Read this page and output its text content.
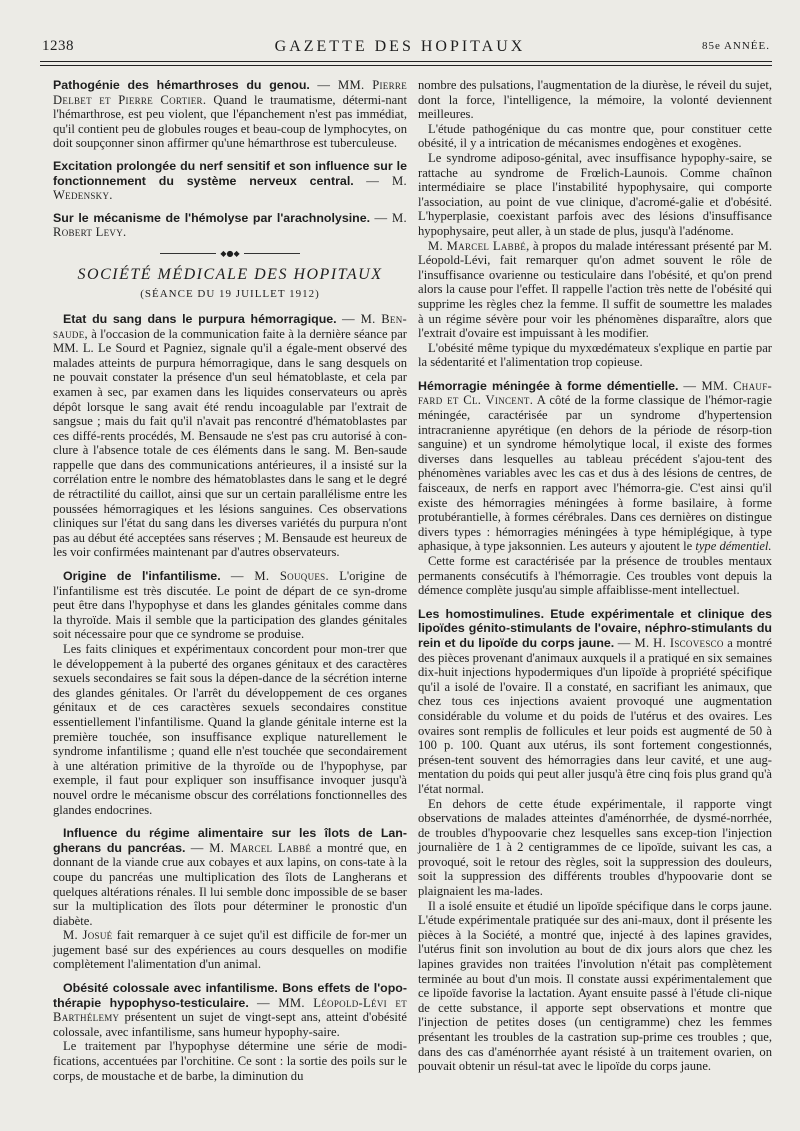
1238	GAZETTE DES HOPITAUX	85e ANNÉE.

Pathogénie des hémarthroses du genou. — MM. Pierre Delbet et Pierre Cortier. Quand le traumatisme, détermi-nant l'hémarthrose, est peu violent, que l'épanchement n'est pas immédiat, qu'il contient peu de globules rouges et beau-coup de lymphocytes, on doit soupçonner sinon affirmer qu'une hémarthrose est tuberculeuse.

Excitation prolongée du nerf sensitif et son influence sur le fonctionnement du système nerveux central. — M. Wedensky.

Sur le mécanisme de l'hémolyse par l'arachnolysine. — M. Robert Levy.

◆●◆
SOCIÉTÉ MÉDICALE DES HOPITAUX
(SÉANCE DU 19 JUILLET 1912)

Etat du sang dans le purpura hémorragique. — M. Ben-saude, à l'occasion de la communication faite à la dernière séance par MM. L. Le Sourd et Pagniez, signale qu'il a égale-ment observé des malades atteints de purpura hémorragique, dans le sang desquels on ne pouvait constater la présence d'un seul hématoblaste, et cela par examen à sec, par examen dans les liquides conservateurs ou après dépôt lorsque le sang avait été rendu incoagulable par l'extrait de sangsue ; mais du fait qu'il n'avait pas rencontré d'hématoblastes par ces diffé-rents procédés, M. Bensaude ne s'est pas cru autorisé à con-clure à l'absence totale de ces éléments dans le sang. M. Ben-saude rappelle que dans des communications antérieures, il a insisté sur la corrélation entre le nombre des hématoblastes dans le sang et le degré de rétractilité du caillot, ainsi que sur un certain parallélisme entre les poussées hémorragiques et les lésions sanguines. Ces observations cliniques sur l'état du sang dans les diverses variétés du purpura n'ont pas au début été acceptées sans réserves ; M. Bensaude est heureux de les voir confirmées maintenant par d'autres observateurs.

Origine de l'infantilisme. — M. Souques. L'origine de l'infantilisme est très discutée. Le point de départ de ce syn-drome peut être dans l'hypophyse et dans les glandes génitales comme dans la thyroïde. Mais il semble que la participation des glandes génitales soit nécessaire pour que ce syndrome se produise.

Les faits cliniques et expérimentaux concordent pour mon-trer que le développement à la puberté des organes génitaux et des caractères sexuels secondaires se fait sous la dépen-dance de la sécrétion interne des glandes génitales. Or l'arrêt du développement de ces organes génitaux et de ces caractères sexuels secondaires constitue essentiellement l'infantilisme. Quand la glande génitale interne est la première touchée, son insuffisance explique naturellement le syndrome infantilisme ; quand elle n'est touchée que secondairement à une altération primitive de la thyroïde ou de l'hypophyse, par exemple, il faut pour expliquer son insuffisance invoquer jusqu'à nouvel ordre le mécanisme obscur des corrélations fonctionnelles des glandes endocrines.

Influence du régime alimentaire sur les îlots de Lan-gherans du pancréas. — M. Marcel Labbé a montré que, en donnant de la viande crue aux cobayes et aux lapins, on cons-tate à la coupe du pancréas une multiplication des îlots de Langherans et quelques altérations rénales. Il lui semble donc impossible de se baser sur la multiplication des îlots pour déterminer le pronostic d'un diabète.

M. Josué fait remarquer à ce sujet qu'il est difficile de for-mer un jugement basé sur des expériences au cours desquelles on modifie complètement l'alimentation d'un animal.

Obésité colossale avec infantilisme. Bons effets de l'opo-thérapie hypophyso-testiculaire. — MM. Léopold-Lévi et Barthélemy présentent un sujet de vingt-sept ans, atteint d'obésité colossale, avec infantilisme, sans humeur hypophy-saire.

Le traitement par l'hypophyse détermine une série de modi-fications, accentuées par l'orchitine. Ce sont : la sortie des poils sur le corps, de moustache et de barbe, la diminution du

nombre des pulsations, l'augmentation de la diurèse, le réveil du sujet, dont la force, l'intelligence, la mémoire, la volonté deviennent meilleures.

L'étude pathogénique du cas montre que, pour constituer cette obésité, il y a intrication de mécanismes endogènes et exogènes.

Le syndrome adiposo-génital, avec insuffisance hypophy-saire, se rattache au syndrome de Frœlich-Launois. Comme chaînon intermédiaire se place l'instabilité hypophysaire, qui comporte l'association, au point de vue clinique, d'acromé-galie et d'obésité. L'hyperplasie, coexistant parfois avec des lésions d'insuffisance hypophysaire, peut aller, à un stade de plus, jusqu'à l'adénome.

M. Marcel Labbé, à propos du malade intéressant présenté par M. Léopold-Lévi, fait remarquer qu'on admet souvent le rôle de l'insuffisance ovarienne ou testiculaire dans l'obésité, et qu'on prend alors la cause pour l'effet. Il rappelle l'action très nette de l'obésité qui supprime les règles chez la femme. Il suffit de soumettre les malades à un régime sévère pour voir les phénomènes disparaître, alors que l'extrait d'ovaire est impuissant à les modifier.

L'obésité même typique du myxœdémateux s'explique en partie par la sédentarité et l'alimentation trop copieuse.

Hémorragie méningée à forme démentielle. — MM. Chauf-fard et Cl. Vincent. A côté de la forme classique de l'hémor-ragie méningée, caractérisée par un syndrome d'hypertension intracranienne apyrétique (en dehors de la période de résorp-tion sanguine) et un syndrome hémolytique local, il existe des formes diverses dans lesquelles au tableau précédent s'ajou-tent des phénomènes variables avec les cas et dus à des lésions de centres, de faisceaux, de nerfs en rapport avec l'hémorra-gie. C'est ainsi qu'il existe des hémorragies méningées à forme basilaire, à forme protubérantielle, à formes cérébrales. Dans ces dernières on distingue divers types : hémorragies méningées à type hémiplégique, à type aphasique, à type jaksonnien. Les auteurs y ajoutent le type démentiel.

Cette forme est caractérisée par la présence de troubles mentaux permanents consécutifs à l'hémorragie. Ces troubles vont depuis la démence complète jusqu'au simple affaiblisse-ment intellectuel.

Les homostimulines. Etude expérimentale et clinique des lipoïdes génito-stimulants de l'ovaire, néphro-stimulants du rein et du lipoïde du corps jaune. — M. H. Iscovesco a montré des pièces provenant d'animaux auxquels il a pratiqué en six semaines dix-huit injections hypodermiques d'un lipoïde à propriété spécifique qu'il a isolé de l'ovaire. Il a constaté, en sacrifiant les animaux, que chez tous ces injections avaient provoqué une augmentation considérable du volume et du poids de l'utérus et des ovaires. Les ovaires sont remplis de follicules et leur poids est augmenté de 50 à 100 p. 100. Quant aux utérus, ils sont fortement congestionnés, présen-tent souvent des hémorragies dans leur cavité, et une aug-mentation du poids qui peut aller jusqu'à être cinq fois plus grand qu'à l'état normal.

En dehors de cette étude expérimentale, il rapporte vingt observations de malades atteintes d'aménorrhée, de dysmé-norrhée, de troubles d'hypoovarie chez lesquelles sans excep-tion l'injection journalière de 1 à 2 centigrammes de ce lipoïde, suivant les cas, a provoqué, soit le retour des règles, soit la suppression des douleurs, soit la suppression des différents troubles d'hypoovarie dont se plaignaient les ma-lades.

Il a isolé ensuite et étudié un lipoïde spécifique dans le corps jaune. L'étude expérimentale pratiquée sur des ani-maux, dont il présente les pièces à la Société, a montré que, injecté à des lapines gravides, l'utérus finit son involution au bout de dix jours alors que chez les lapines gravides non traitées l'involution n'était pas complètement terminée au bout d'un mois. Il constate aussi expérimentalement que ce lipoïde favorise la lactation. Ayant ensuite passé à l'étude cli-nique de cette substance, il apporte sept observations et montre que l'injection de petites doses (un centigramme) chez les femmes présentant les troubles de la castration sup-prime ces troubles ; que, dans des cas d'aménorrhée ayant résisté à un traitement ovarien, on pouvait obtenir un résul-tat avec le lipoïde du corps jaune.
